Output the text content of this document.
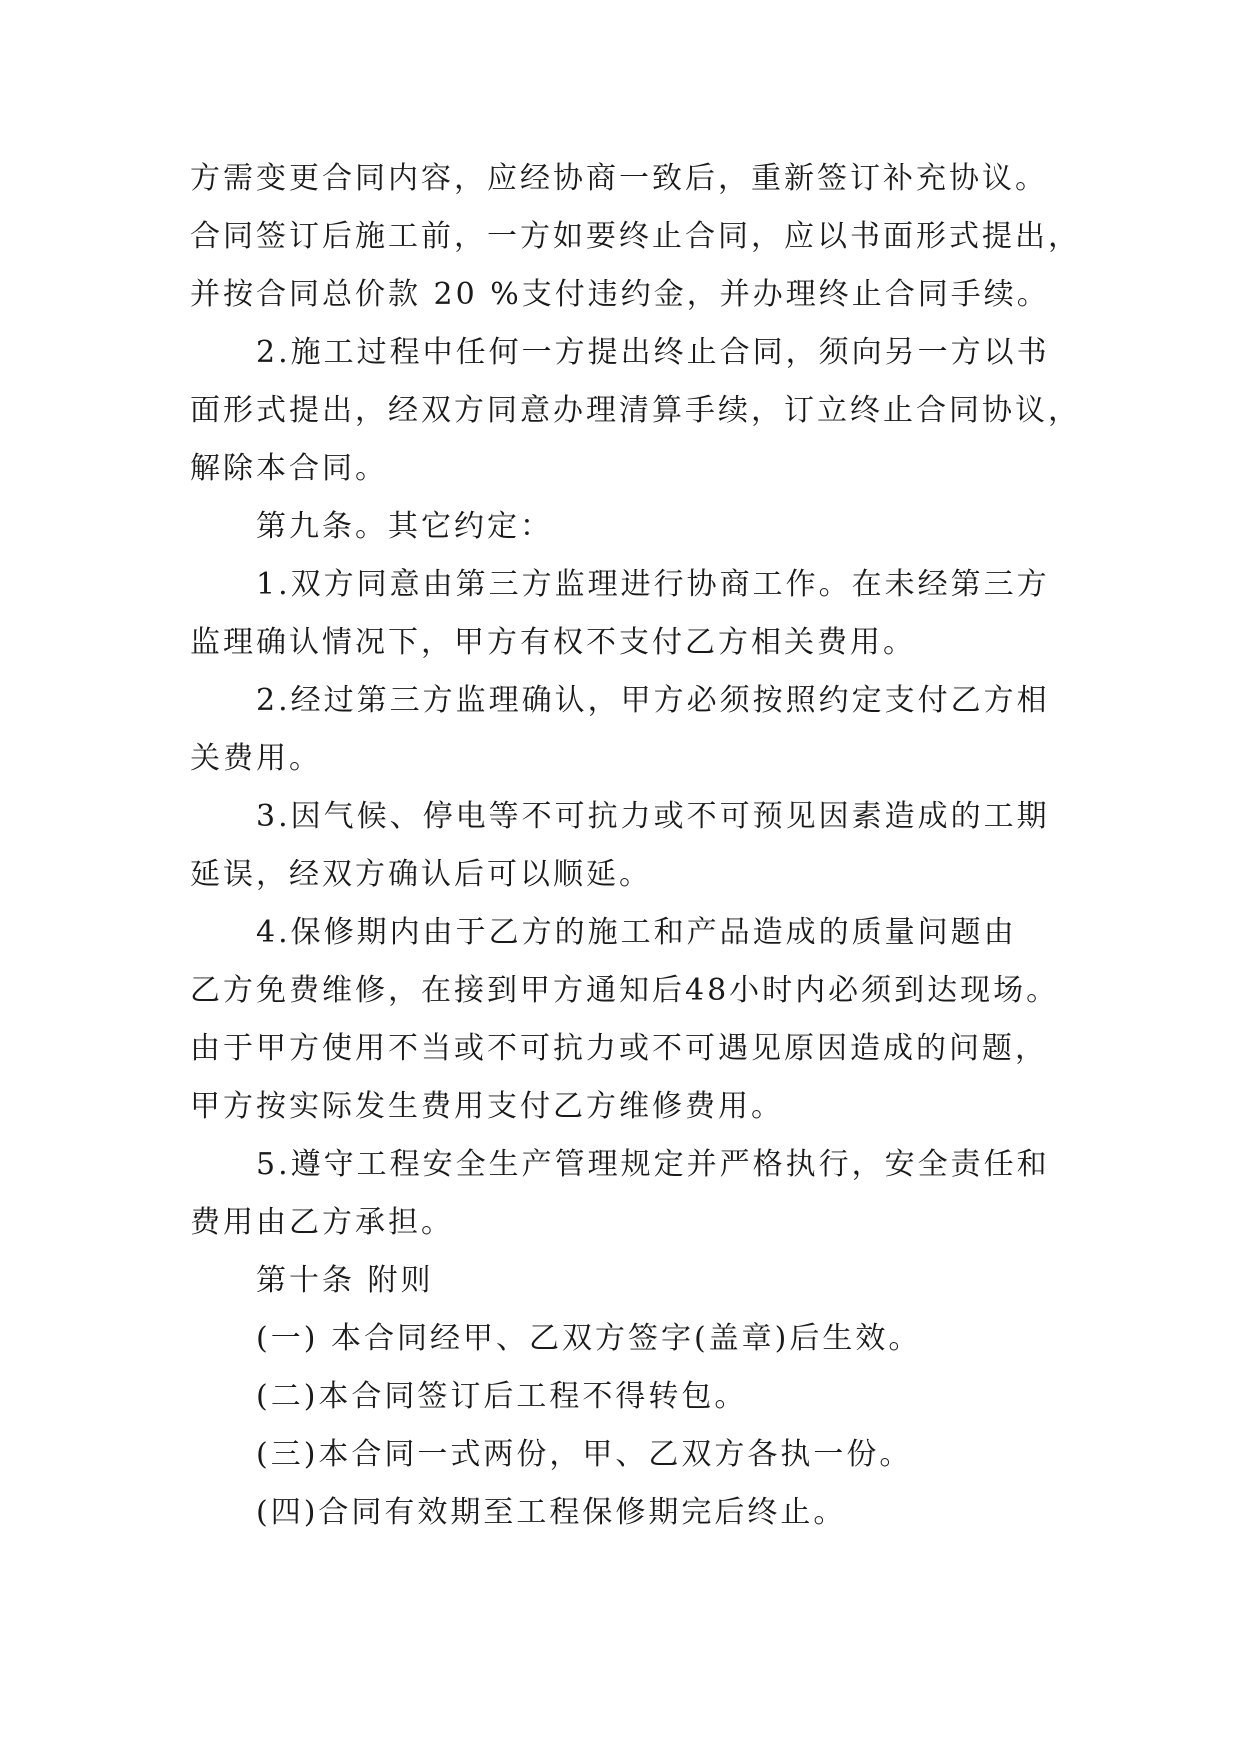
方需变更合同内容，应经协商一致后，重新签订补充协议。
合同签订后施工前，一方如要终止合同，应以书面形式提出，
并按合同总价款 20 %支付违约金，并办理终止合同手续。
2.施工过程中任何一方提出终止合同，须向另一方以书
面形式提出，经双方同意办理清算手续，订立终止合同协议，
解除本合同。
第九条。其它约定：
1.双方同意由第三方监理进行协商工作。在未经第三方
监理确认情况下，甲方有权不支付乙方相关费用。
2.经过第三方监理确认，甲方必须按照约定支付乙方相
关费用。
3.因气候、停电等不可抗力或不可预见因素造成的工期
延误，经双方确认后可以顺延。
4.保修期内由于乙方的施工和产品造成的质量问题由
乙方免费维修，在接到甲方通知后48小时内必须到达现场。
由于甲方使用不当或不可抗力或不可遇见原因造成的问题，
甲方按实际发生费用支付乙方维修费用。
5.遵守工程安全生产管理规定并严格执行，安全责任和
费用由乙方承担。
第十条 附则
(一) 本合同经甲、乙双方签字(盖章)后生效。
(二)本合同签订后工程不得转包。
(三)本合同一式两份，甲、乙双方各执一份。
(四)合同有效期至工程保修期完后终止。
